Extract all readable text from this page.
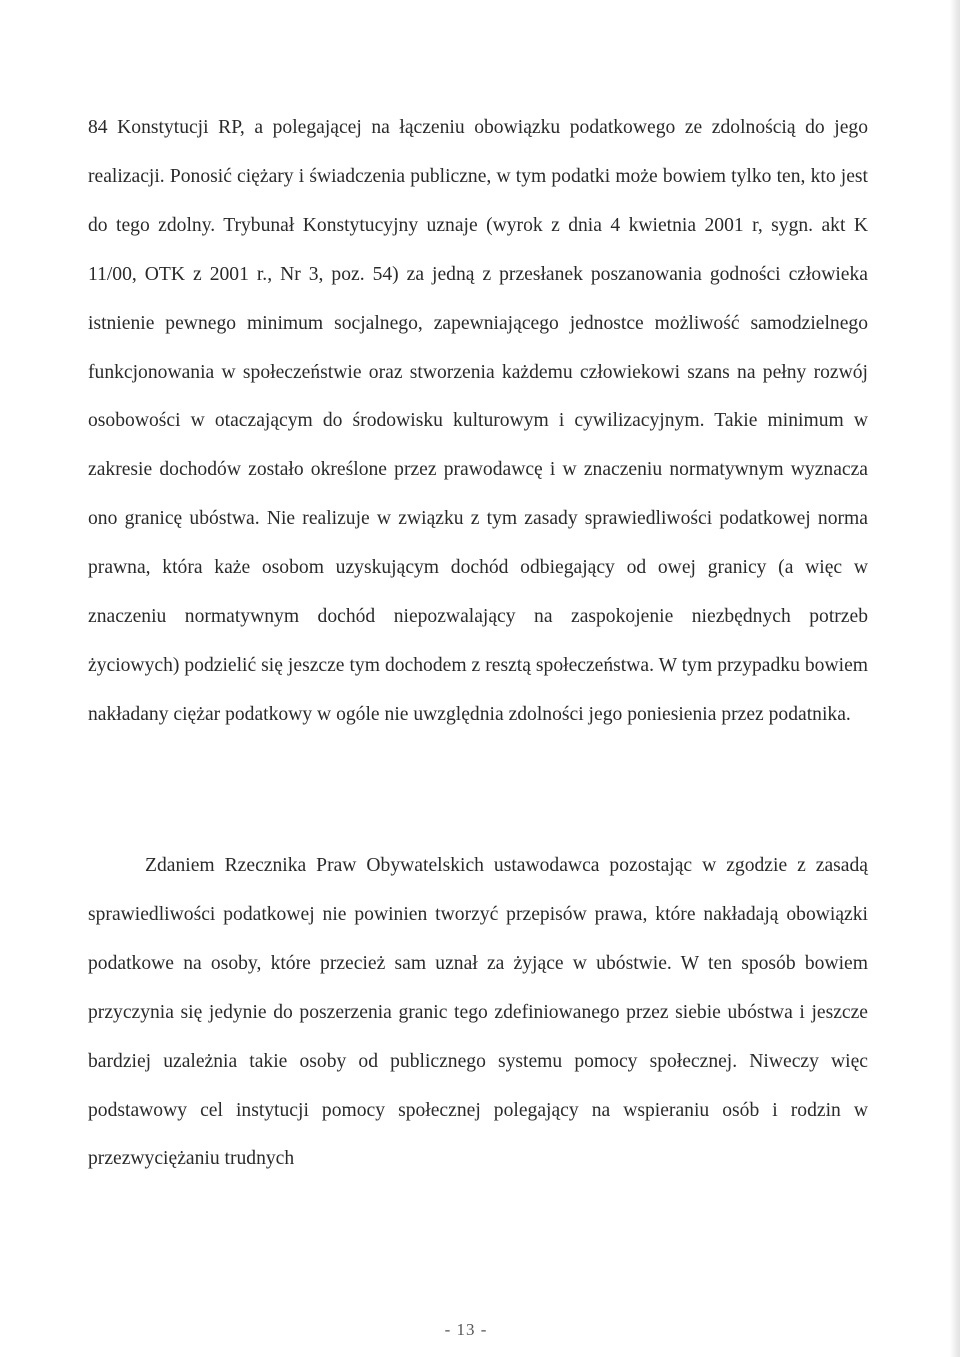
84 Konstytucji RP, a polegającej na łączeniu obowiązku podatkowego ze zdolnością do jego realizacji. Ponosić ciężary i świadczenia publiczne, w tym podatki może bowiem tylko ten, kto jest do tego zdolny. Trybunał Konstytucyjny uznaje (wyrok z dnia 4 kwietnia 2001 r, sygn. akt K 11/00, OTK z 2001 r., Nr 3, poz. 54) za jedną z przesłanek poszanowania godności człowieka istnienie pewnego minimum socjalnego, zapewniającego jednostce możliwość samodzielnego funkcjonowania w społeczeństwie oraz stworzenia każdemu człowiekowi szans na pełny rozwój osobowości w otaczającym do środowisku kulturowym i cywilizacyjnym. Takie minimum w zakresie dochodów zostało określone przez prawodawcę i w znaczeniu normatywnym wyznacza ono granicę ubóstwa. Nie realizuje w związku z tym zasady sprawiedliwości podatkowej norma prawna, która każe osobom uzyskującym dochód odbiegający od owej granicy (a więc w znaczeniu normatywnym dochód niepozwalający na zaspokojenie niezbędnych potrzeb życiowych) podzielić się jeszcze tym dochodem z resztą społeczeństwa. W tym przypadku bowiem nakładany ciężar podatkowy w ogóle nie uwzględnia zdolności jego poniesienia przez podatnika.

Zdaniem Rzecznika Praw Obywatelskich ustawodawca pozostając w zgodzie z zasadą sprawiedliwości podatkowej nie powinien tworzyć przepisów prawa, które nakładają obowiązki podatkowe na osoby, które przecież sam uznał za żyjące w ubóstwie. W ten sposób bowiem przyczynia się jedynie do poszerzenia granic tego zdefiniowanego przez siebie ubóstwa i jeszcze bardziej uzależnia takie osoby od publicznego systemu pomocy społecznej. Niweczy więc podstawowy cel instytucji pomocy społecznej polegający na wspieraniu osób i rodzin w przezwyciężaniu trudnych

- 13 -
